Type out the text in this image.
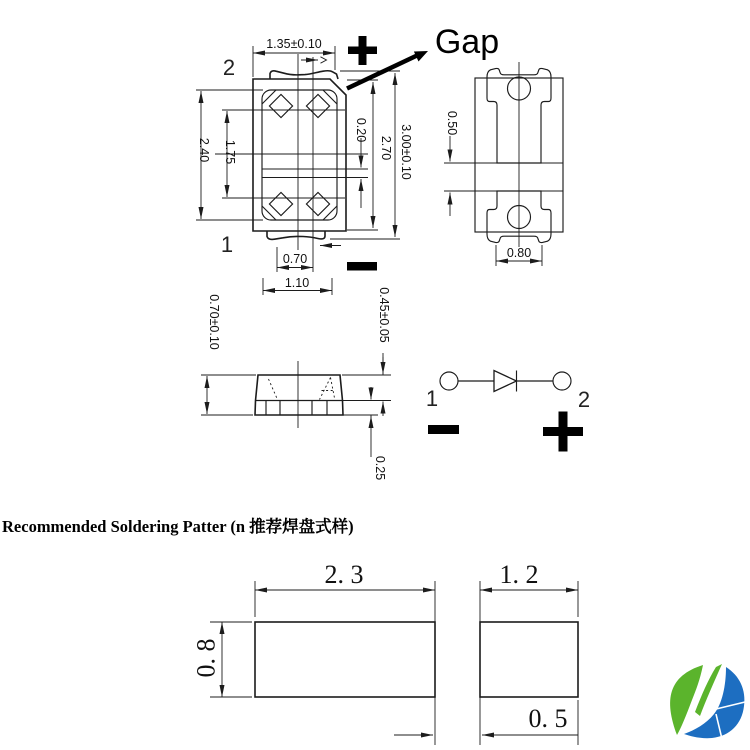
1.35±0.10
2.40 1.75
0.20
2.70 3.00±0.10
0.70
1.10
2
1
Gap
0.50
0.80
0.70±0.10	0.45±0.05
0.25
1	2
2. 3	1. 2
0. 8
0. 5
Recommended Soldering Patter (n 推荐焊盘式样)
